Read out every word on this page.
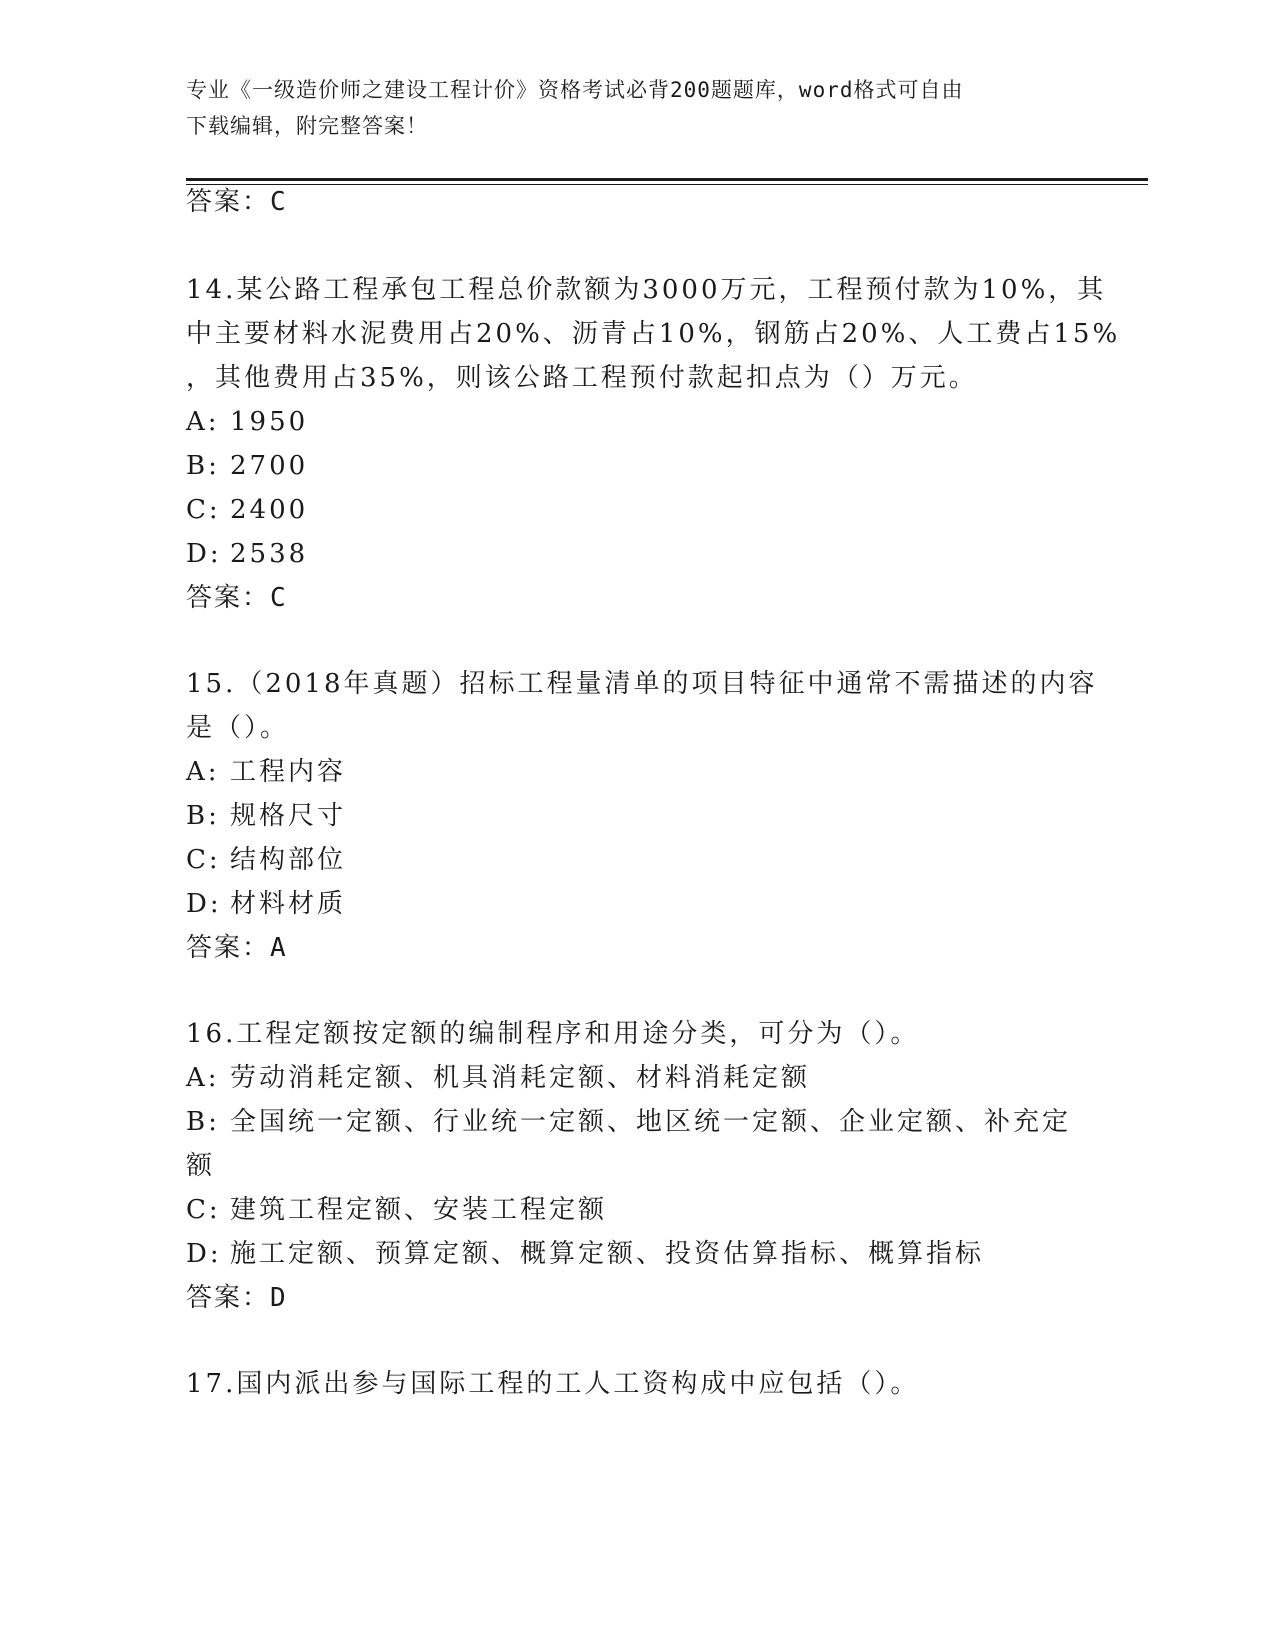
专业《一级造价师之建设工程计价》资格考试必背200题题库，word格式可自由
下载编辑，附完整答案！
答案：C
14.某公路工程承包工程总价款额为3000万元，工程预付款为10%，其
中主要材料水泥费用占20%、沥青占10%，钢筋占20%、人工费占15%
，其他费用占35%，则该公路工程预付款起扣点为（）万元。
A: 1950
B: 2700
C: 2400
D: 2538
答案：C
15.（2018年真题）招标工程量清单的项目特征中通常不需描述的内容
是（）。
A: 工程内容
B: 规格尺寸
C: 结构部位
D: 材料材质
答案：A
16.工程定额按定额的编制程序和用途分类，可分为（）。
A: 劳动消耗定额、机具消耗定额、材料消耗定额
B: 全国统一定额、行业统一定额、地区统一定额、企业定额、补充定
额
C: 建筑工程定额、安装工程定额
D: 施工定额、预算定额、概算定额、投资估算指标、概算指标
答案：D
17.国内派出参与国际工程的工人工资构成中应包括（）。
